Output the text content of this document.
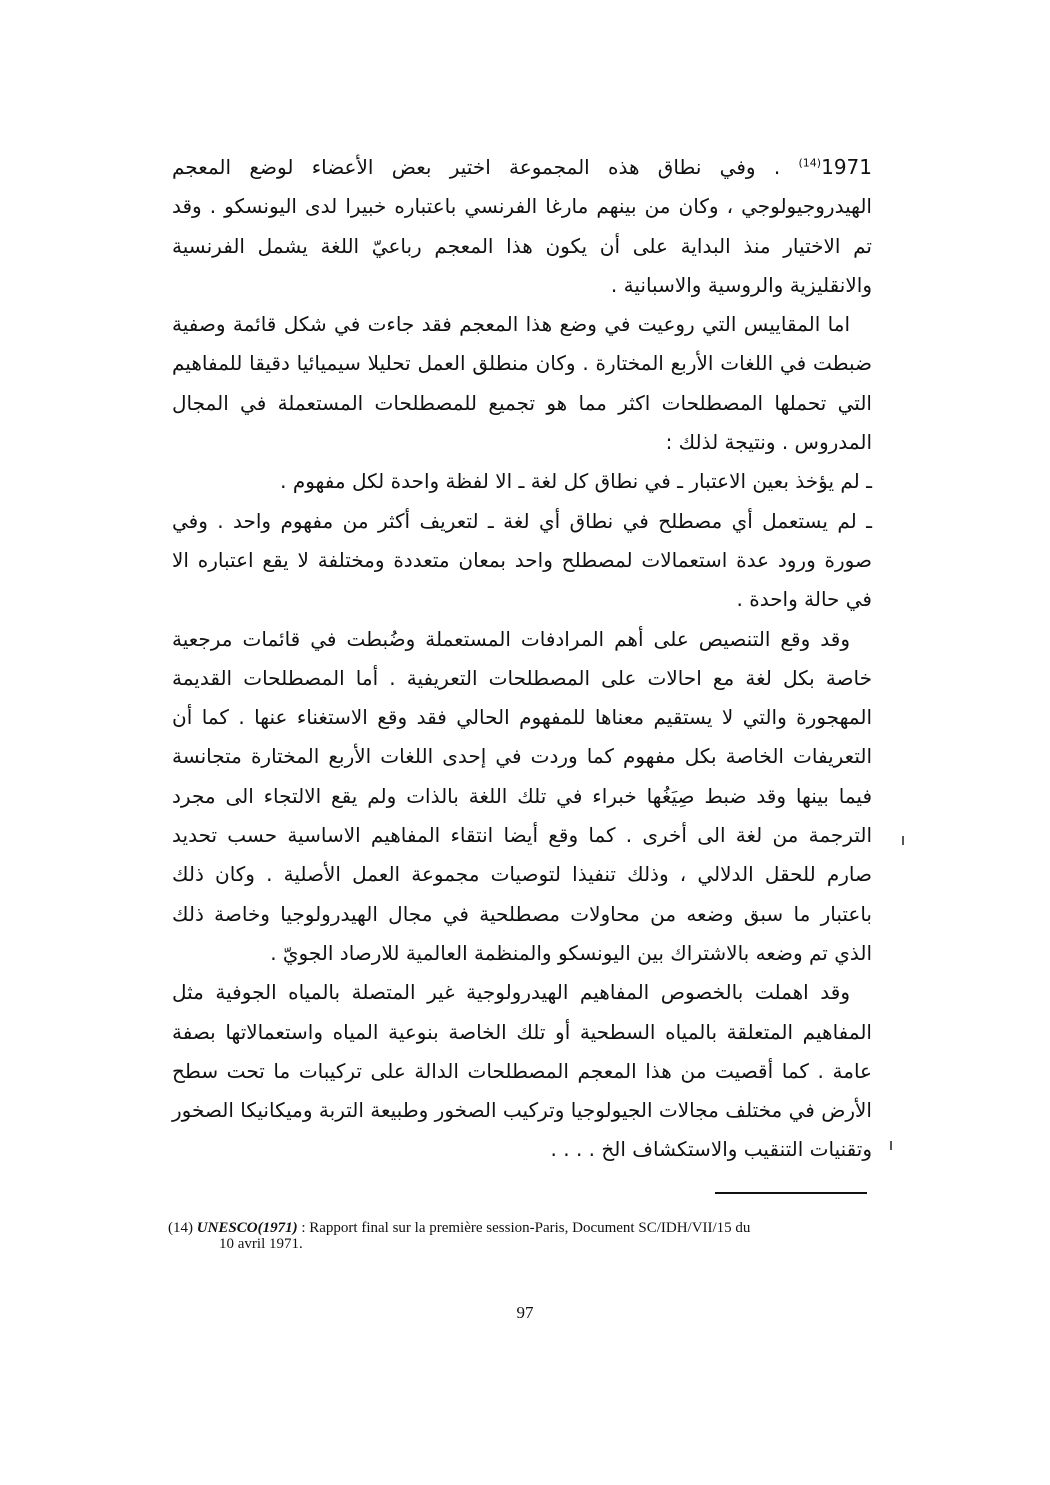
1971$^{(14)}$ . وفي نطاق هذه المجموعة اختير بعض الأعضاء لوضع المعجم الهيدروجيولوجي ، وكان من بينهم مارغا الفرنسي باعتباره خبيرا لدى اليونسكو . وقد تم الاختيار منذ البداية على أن يكون هذا المعجم رباعيّ اللغة يشمل الفرنسية والانقليزية والروسية والاسبانية .

اما المقاييس التي روعيت في وضع هذا المعجم فقد جاءت في شكل قائمة وصفية ضبطت في اللغات الأربع المختارة . وكان منطلق العمل تحليلا سيميائيا دقيقا للمفاهيم التي تحملها المصطلحات اكثر مما هو تجميع للمصطلحات المستعملة في المجال المدروس . ونتيجة لذلك :

ـ لم يؤخذ بعين الاعتبار ـ في نطاق كل لغة ـ الا لفظة واحدة لكل مفهوم .

ـ لم يستعمل أي مصطلح في نطاق أي لغة ـ لتعريف أكثر من مفهوم واحد . وفي صورة ورود عدة استعمالات لمصطلح واحد بمعان متعددة ومختلفة لا يقع اعتباره الا في حالة واحدة .

وقد وقع التنصيص على أهم المرادفات المستعملة وضُبطت في قائمات مرجعية خاصة بكل لغة مع احالات على المصطلحات التعريفية . أما المصطلحات القديمة المهجورة والتي لا يستقيم معناها للمفهوم الحالي فقد وقع الاستغناء عنها . كما أن التعريفات الخاصة بكل مفهوم كما وردت في إحدى اللغات الأربع المختارة متجانسة فيما بينها وقد ضبط صِيَغُها خبراء في تلك اللغة بالذات ولم يقع الالتجاء الى مجرد الترجمة من لغة الى أخرى . كما وقع أيضا انتقاء المفاهيم الاساسية حسب تحديد صارم للحقل الدلالي ، وذلك تنفيذا لتوصيات مجموعة العمل الأصلية . وكان ذلك باعتبار ما سبق وضعه من محاولات مصطلحية في مجال الهيدرولوجيا وخاصة ذلك الذي تم وضعه بالاشتراك بين اليونسكو والمنظمة العالمية للارصاد الجويّ .

وقد اهملت بالخصوص المفاهيم الهيدرولوجية غير المتصلة بالمياه الجوفية مثل المفاهيم المتعلقة بالمياه السطحية أو تلك الخاصة بنوعية المياه واستعمالاتها بصفة عامة . كما أقصيت من هذا المعجم المصطلحات الدالة على تركيبات ما تحت سطح الأرض في مختلف مجالات الجيولوجيا وتركيب الصخور وطبيعة التربة وميكانيكا الصخور وتقنيات التنقيب والاستكشاف الخ . . . .

(14) UNESCO(1971) : Rapport final sur la première session-Paris, Document SC/IDH/VII/15 du
10 avril 1971.
97
